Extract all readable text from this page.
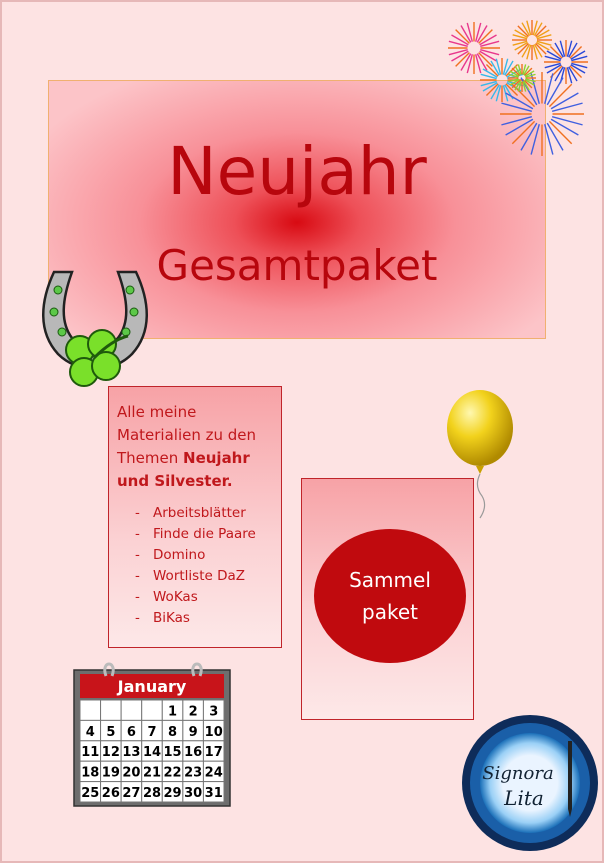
Neujahr
Gesamtpaket

Alle meine Materialien zu den Themen Neujahr und Silvester.

- Arbeitsblätter
- Finde die Paare
- Domino
- Wortliste DaZ
- WoKas
- BiKas
Sammel
paket
January
1 2 3
4 5 6 7 8 9 10
11 12 13 14 15 16 17
18 19 20 21 22 23 24
25 26 27 28 29 30 31
Signora
Lita
